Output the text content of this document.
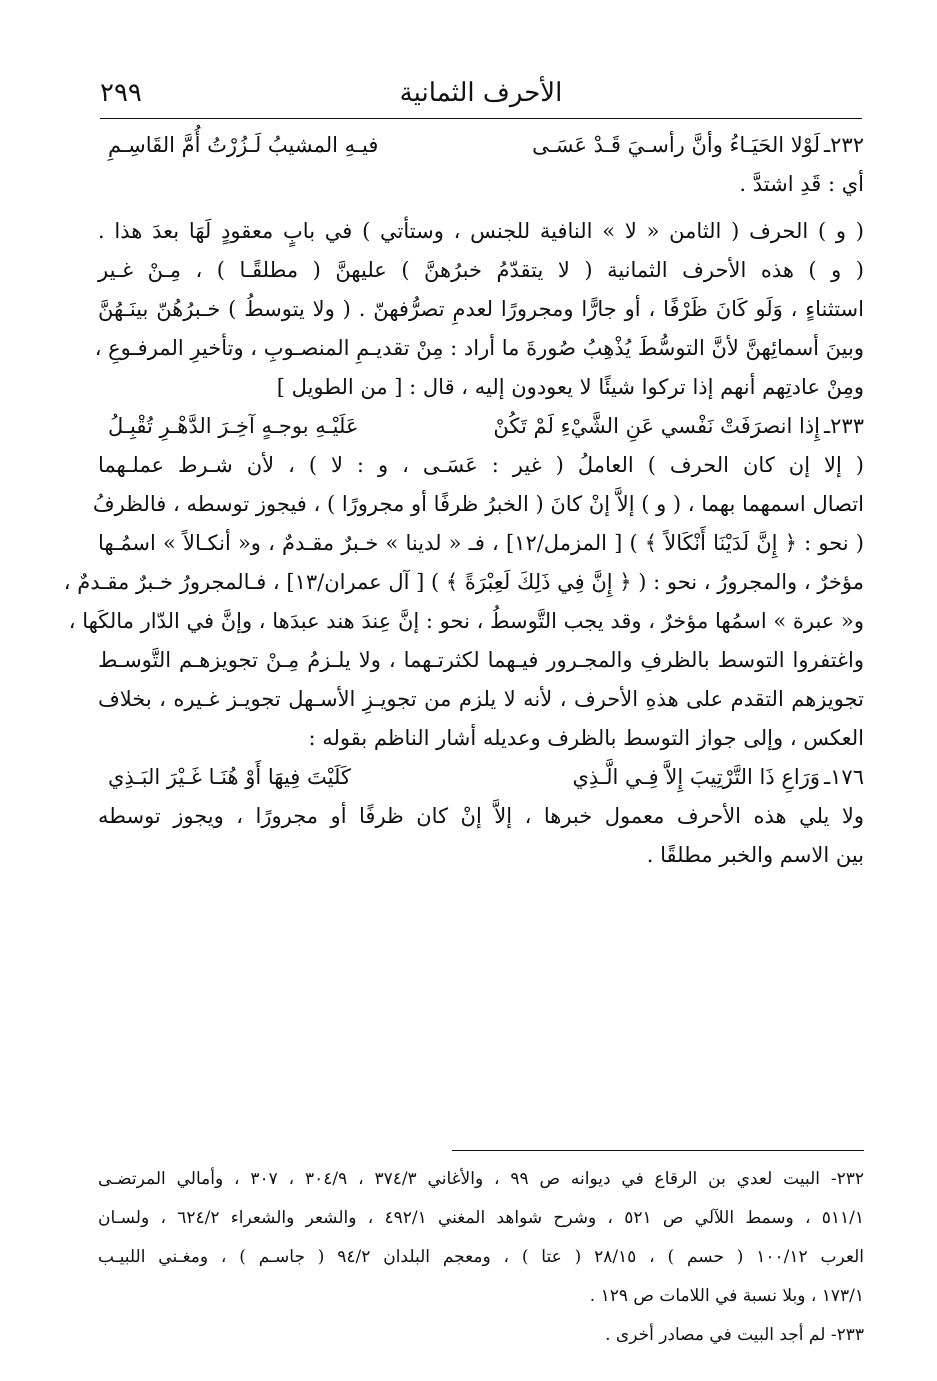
الأحرف الثمانية
٢٩٩
٢٣٢ـ
لَوْلا الحَيَـاءُ وأنَّ رأسـيَ قَـدْ عَسَـى
فيـهِ المشيبُ لَـزُرْتُ أُمَّ القَاسِـمِ
أي : قَدِ اشتدَّ .
( و ) الحرف ( الثامن « لا » النافية للجنس ، وستأتي ) في بابٍ معقودٍ لَهَا بعدَ هذا .
( و ) هذه الأحرف الثمانية ( لا يتقدّمُ خبرُهنَّ ) عليهنَّ ( مطلقًـا ) ، مِـنْ غـير
استثناءٍ ، وَلَو كَانَ ظَرْفًا ، أو جارًّا ومجرورًا لعدمِ تصرُّفهنّ . ( ولا يتوسطُ ) خـبرُهُنّ بينَـهُنَّ
وبينَ أسمائِهنَّ لأنَّ التوسُّطَ يُذْهِبُ صُورةَ ما أراد : مِنْ تقديـمِ المنصـوبِ ، وتأخيرِ المرفـوعِ ،
ومِنْ عادتِهم أنهم إذا تركوا شيئًا لا يعودون إليه ، قال : [ من الطويل ]
٢٣٣ـ
إِذا انصرَفَتْ نَفْسي عَنِ الشَّيْءِ لَمْ تَكُنْ
عَلَيْـهِ بوجـهٍ آخِـرَ الدَّهْـرِ تُقْبِـلُ
( إلا إن كان الحرف ) العاملُ ( غير : عَسَـى ، و : لا ) ، لأن شـرط عملـهما
اتصال اسمهما بهما ، ( و ) إلاَّ إنْ كانَ ( الخبرُ ظرفًا أو مجرورًا ) ، فيجوز توسطه ، فالظرفُ
( نحو : ﴿ إِنَّ لَدَيْنَا أَنْكَالاً ﴾ ) [ المزمل/١٢] ، فـ « لدينا » خـبرٌ مقـدمٌ ، و« أنكـالاً » اسمُـها
مؤخرٌ ، والمجرورُ ، نحو : ( ﴿ إِنَّ فِي ذَلِكَ لَعِبْرَةً ﴾ ) [ آل عمران/١٣] ، فـالمجرورُ خـبرٌ مقـدمٌ ،
و« عبرة » اسمُها مؤخرٌ ، وقد يجب التَّوسطُ ، نحو : إنَّ عِندَ هند عبدَها ، وإنَّ في الدّار مالكَها ،
واغتفروا التوسط بالظرفِ والمجـرور فيـهما لكثرتـهما ، ولا يلـزمُ مِـنْ تجويزهـم التَّوسـط
تجويزهم التقدم على هذهِ الأحرف ، لأنه لا يلزم من تجويـزِ الأسـهل تجويـز غـيره ، بخلاف
العكس ، وإلى جواز التوسط بالظرف وعديله أشار الناظم بقوله :
١٧٦ـ
وَرَاعِ ذَا التَّرْتِيبَ إِلاَّ فِـي الَّـذِي
كَلَيْتَ فِيهَا أَوْ هُنَـا غَـيْرَ البَـذِي
ولا يلي هذه الأحرف معمول خبرها ، إلاَّ إنْ كان ظرفًا أو مجرورًا ، ويجوز توسطه
بين الاسم والخبر مطلقًا .
٢٣٢- البيت لعدي بن الرقاع في ديوانه ص ٩٩ ، والأغاني ٣٧٤/٣ ، ٣٠٤/٩ ، ٣٠٧ ، وأمالي المرتضـى
٥١١/١ ، وسمط اللآلي ص ٥٢١ ، وشرح شواهد المغني ٤٩٢/١ ، والشعر والشعراء ٦٢٤/٢ ، ولسـان
العرب ١٠٠/١٢ ( حسم ) ، ٢٨/١٥ ( عتا ) ، ومعجم البلدان ٩٤/٢ ( جاسـم ) ، ومغـني اللبيـب
١٧٣/١ ، وبلا نسبة في اللامات ص ١٢٩ .
٢٣٣- لم أجد البيت في مصادر أخرى .
